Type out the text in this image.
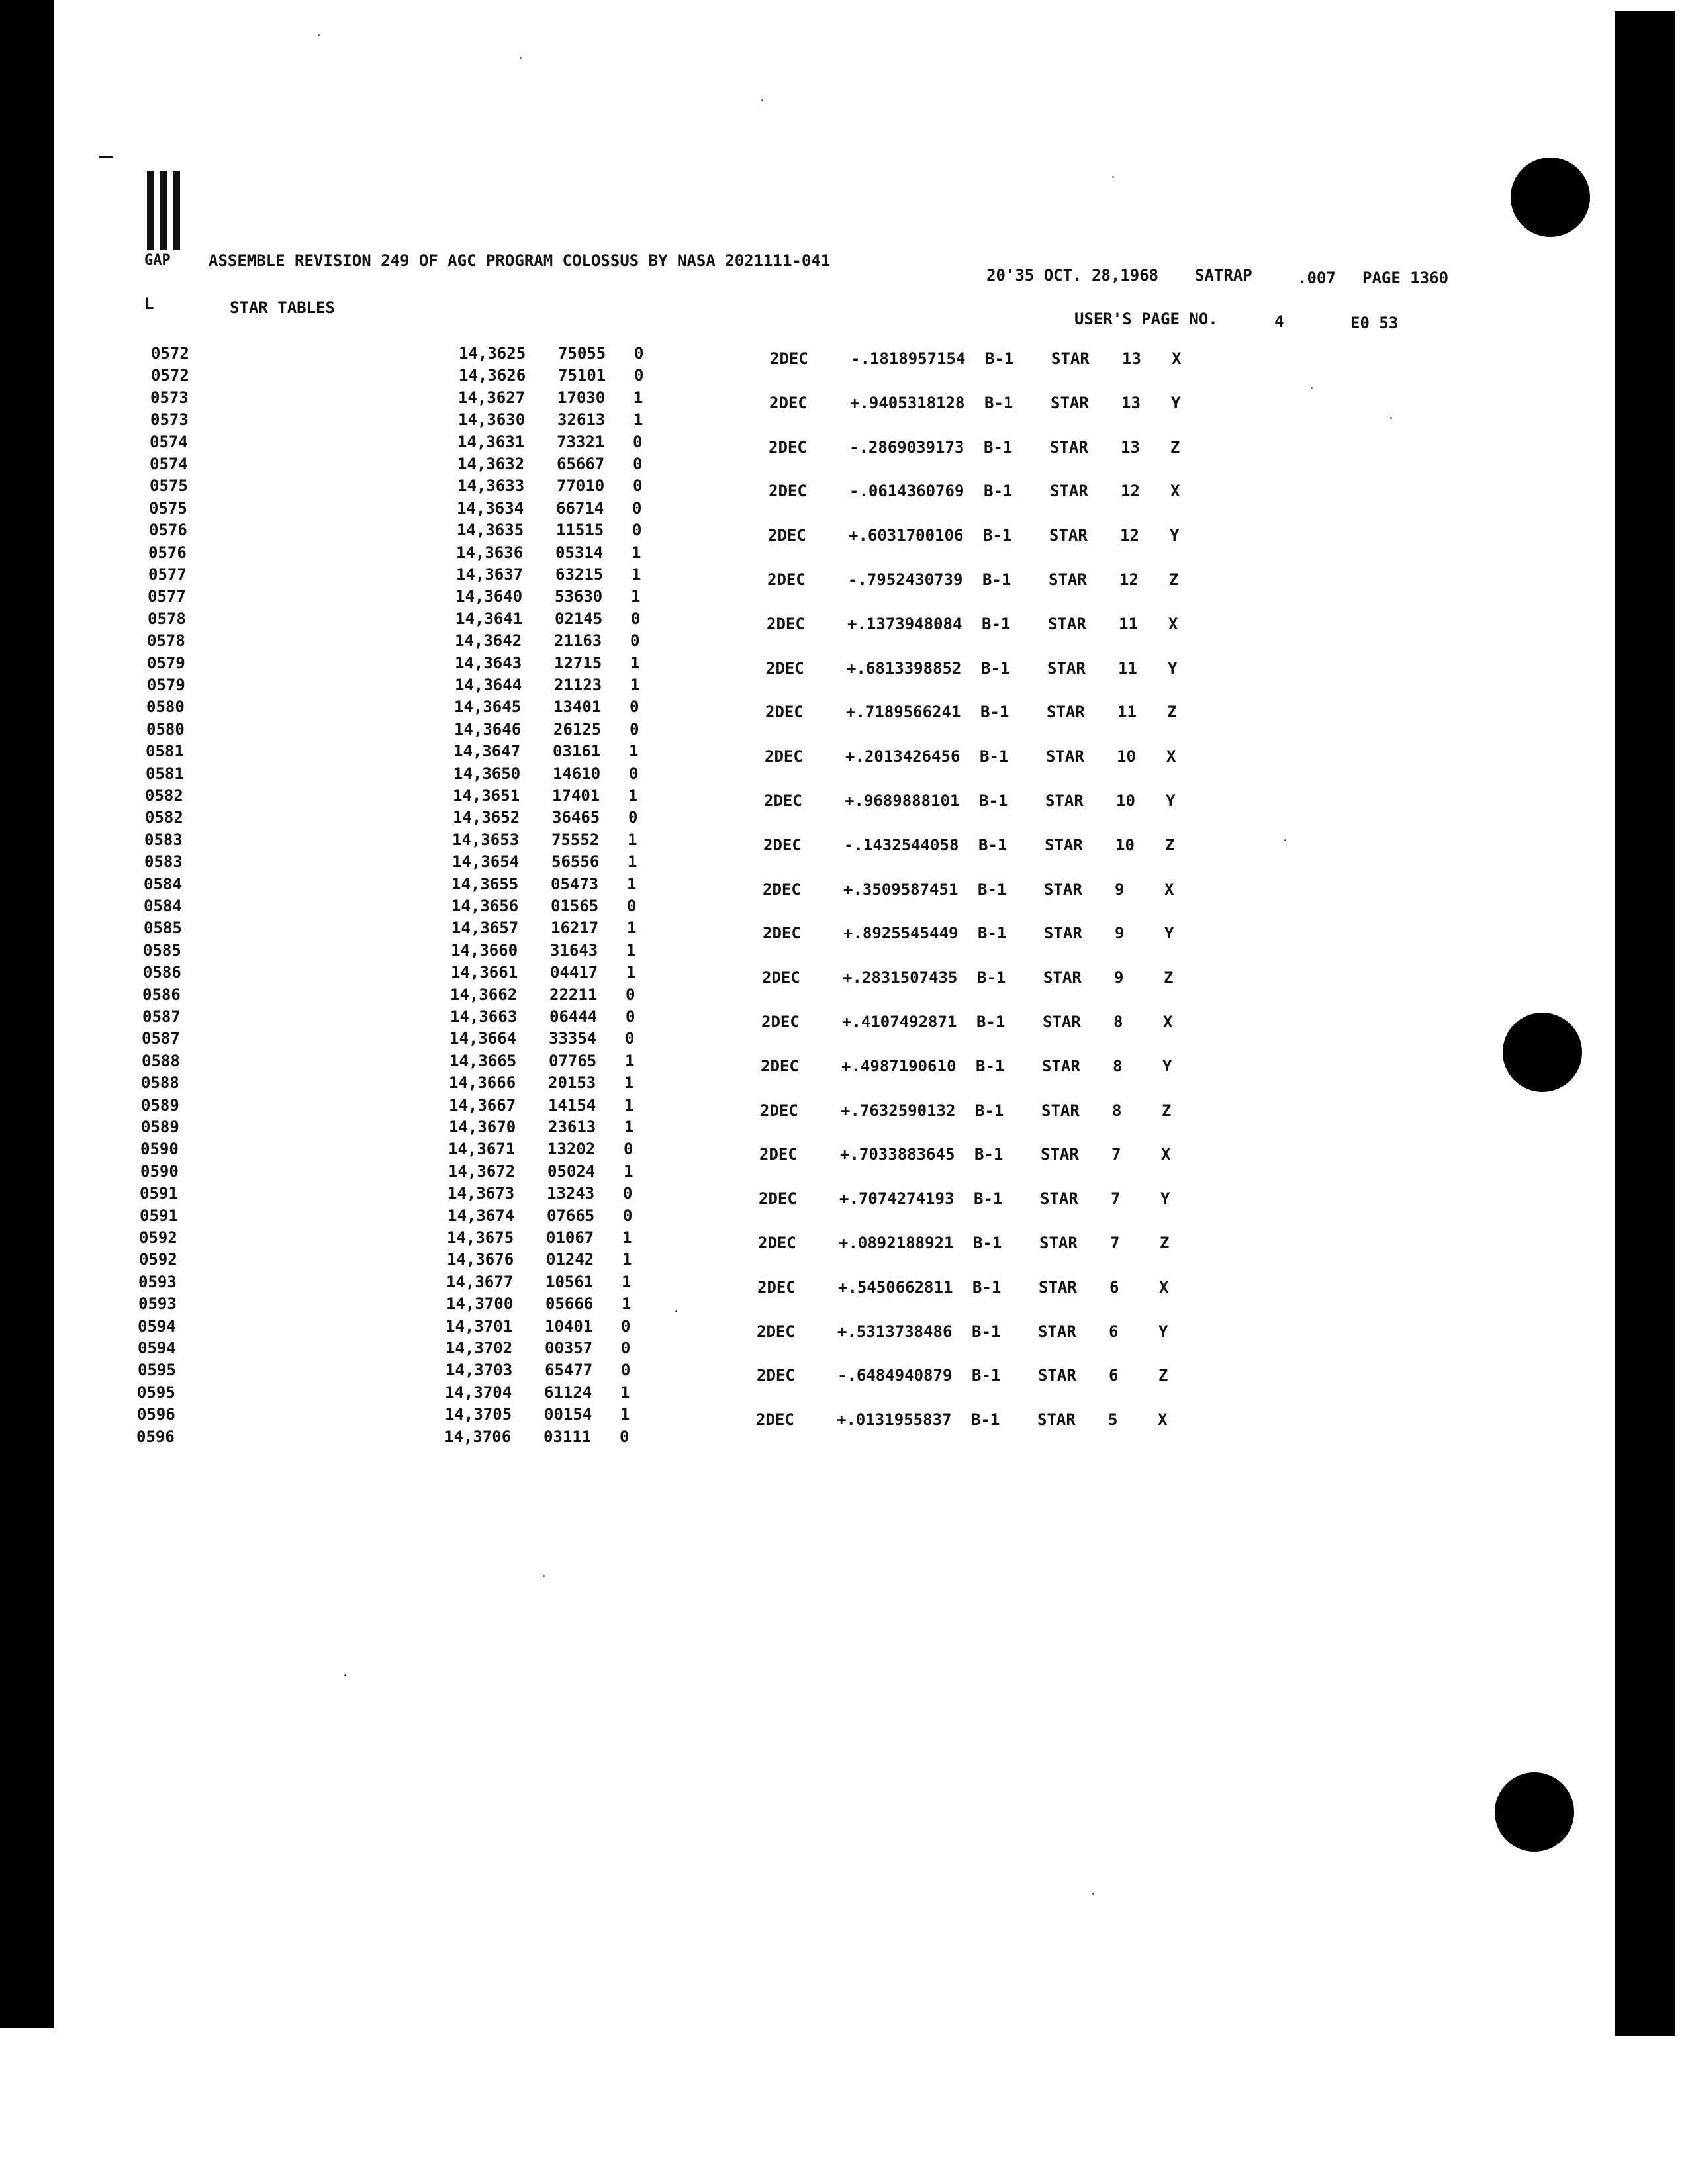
GAP ASSEMBLE REVISION 249 OF AGC PROGRAM COLOSSUS BY NASA 2021111-041
20'35 OCT. 28,1968 SATRAP	.007 PAGE 1360
L	STAR TABLES
USER'S PAGE NO.	4	E0 53
0572	14,3625 75055 0	2DEC	-.1818957154 B-1 STAR 13 X
0572	14,3626 75101 0
0573	14,3627 17030 1	2DEC	+.9405318128 B-1 STAR 13 Y
0573	14,3630 32613 1
0574	14,3631 73321 0	2DEC	-.2869039173 B-1 STAR 13 Z
0574	14,3632 65667 0
0575	14,3633 77010 0	2DEC	-.0614360769 B-1 STAR 12 X
0575	14,3634 66714 0
0576	14,3635 11515 0	2DEC	+.6031700106 B-1 STAR 12 Y
0576	14,3636 05314 1
0577	14,3637 63215 1	2DEC	-.7952430739 B-1 STAR 12 Z
0577	14,3640 53630 1
0578	14,3641 02145 0	2DEC	+.1373948084 B-1 STAR 11 X
0578	14,3642 21163 0
0579	14,3643 12715 1	2DEC	+.6813398852 B-1 STAR 11 Y
0579	14,3644 21123 1
0580	14,3645 13401 0	2DEC	+.7189566241 B-1 STAR 11 Z
0580	14,3646 26125 0
0581	14,3647 03161 1	2DEC	+.2013426456 B-1 STAR 10 X
0581	14,3650 14610 0
0582	14,3651 17401 1	2DEC	+.9689888101 B-1 STAR 10 Y
0582	14,3652 36465 0
0583	14,3653 75552 1	2DEC	-.1432544058 B-1 STAR 10 Z
0583	14,3654 56556 1
0584	14,3655 05473 1	2DEC	+.3509587451 B-1 STAR 9	X
0584	14,3656 01565 0
0585	14,3657 16217 1	2DEC	+.8925545449 B-1 STAR 9	Y
0585	14,3660 31643 1
0586	14,3661 04417 1	2DEC	+.2831507435 B-1 STAR 9	Z
0586	14,3662 22211 0
0587	14,3663 06444 0	2DEC	+.4107492871 B-1 STAR 8	X
0587	14,3664 33354 0
0588	14,3665 07765 1	2DEC	+.4987190610 B-1 STAR 8	Y
0588	14,3666 20153 1
0589	14,3667 14154 1	2DEC	+.7632590132 B-1 STAR 8	Z
0589	14,3670 23613 1
0590	14,3671 13202 0	2DEC	+.7033883645 B-1 STAR 7	X
0590	14,3672 05024 1
0591	14,3673 13243 0	2DEC	+.7074274193 B-1 STAR 7	Y
0591	14,3674 07665 0
0592	14,3675 01067 1	2DEC	+.0892188921 B-1 STAR 7	Z
0592	14,3676 01242 1
0593	14,3677 10561 1	2DEC	+.5450662811 B-1 STAR 6	X
0593	14,3700 05666 1
0594	14,3701 10401 0	2DEC	+.5313738486 B-1 STAR 6	Y
0594	14,3702 00357 0
0595	14,3703 65477 0	2DEC	-.6484940879 B-1 STAR 6	Z
0595	14,3704 61124 1
0596	14,3705 00154 1	2DEC	+.0131955837 B-1 STAR 5	X
0596	14,3706 03111 0
